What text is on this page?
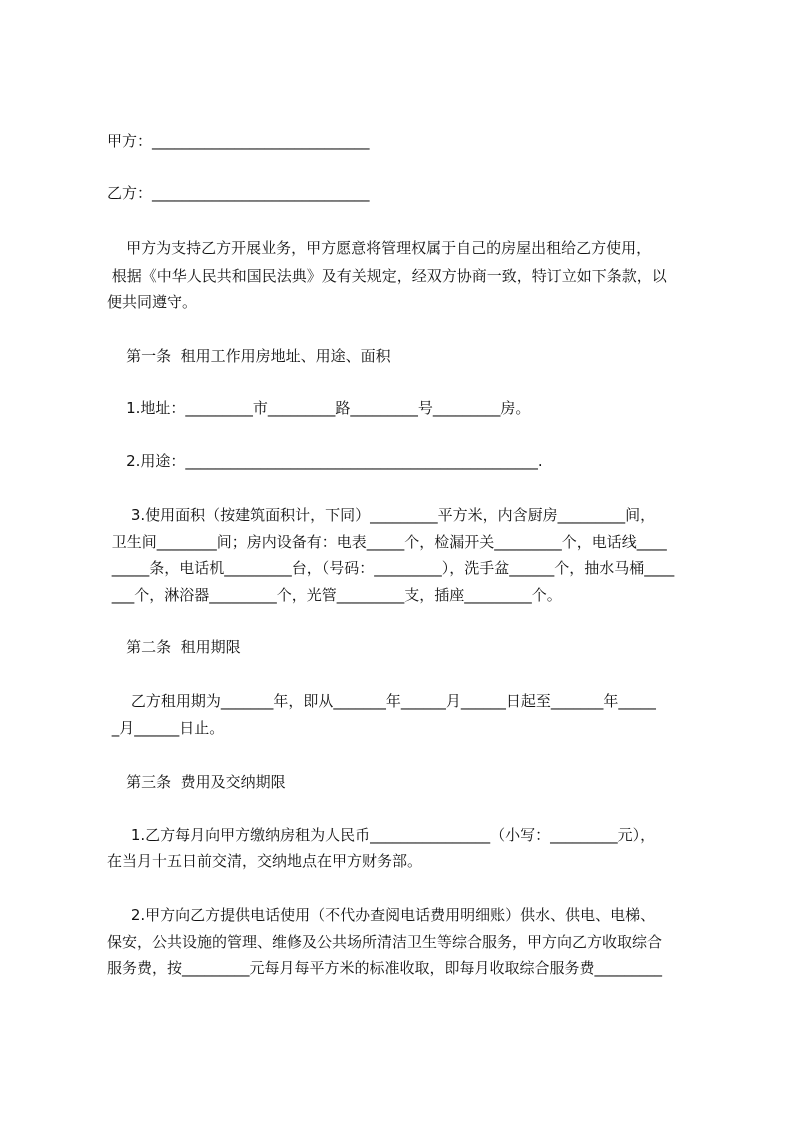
甲方：_____________________________
乙方：_____________________________
甲方为支持乙方开展业务，甲方愿意将管理权属于自己的房屋出租给乙方使用，
根据《中华人民共和国民法典》及有关规定，经双方协商一致，特订立如下条款，以
便共同遵守。
第一条  租用工作用房地址、用途、面积
1.地址：_________市_________路_________号_________房。
2.用途：_______________________________________________.
3.使用面积（按建筑面积计，下同）_________平方米，内含厨房_________间，
卫生间________间；房内设备有：电表_____个，检漏开关_________个，电话线____
_____条，电话机_________台，（号码：_________），洗手盆______个，抽水马桶____
___个，淋浴器_________个，光管_________支，插座_________个。
第二条  租用期限
乙方租用期为_______年，即从_______年______月______日起至_______年_____
_月______日止。
第三条  费用及交纳期限
1.乙方每月向甲方缴纳房租为人民币________________（小写：_________元），
在当月十五日前交清，交纳地点在甲方财务部。
2.甲方向乙方提供电话使用（不代办查阅电话费用明细账）供水、供电、电梯、
保安，公共设施的管理、维修及公共场所清洁卫生等综合服务，甲方向乙方收取综合
服务费，按_________元每月每平方米的标准收取，即每月收取综合服务费_________
